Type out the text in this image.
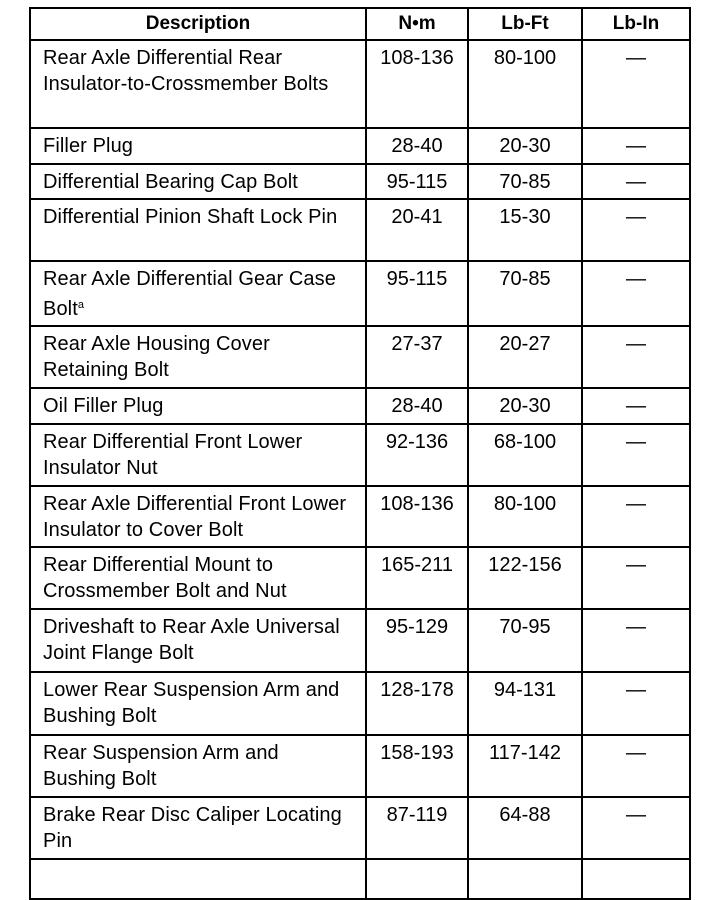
Description	N•m	Lb-Ft	Lb-In
Rear Axle Differential Rear Insulator-to-Crossmember Bolts	108-136	80-100	—
Filler Plug	28-40	20-30	—
Differential Bearing Cap Bolt	95-115	70-85	—
Differential Pinion Shaft Lock Pin	20-41	15-30	—
Rear Axle Differential Gear Case Bolt$^a$	95-115	70-85	—
Rear Axle Housing Cover Retaining Bolt	27-37	20-27	—
Oil Filler Plug	28-40	20-30	—
Rear Differential Front Lower Insulator Nut	92-136	68-100	—
Rear Axle Differential Front Lower Insulator to Cover Bolt	108-136	80-100	—
Rear Differential Mount to Crossmember Bolt and Nut	165-211	122-156	—
Driveshaft to Rear Axle Universal Joint Flange Bolt	95-129	70-95	—
Lower Rear Suspension Arm and Bushing Bolt	128-178	94-131	—
Rear Suspension Arm and Bushing Bolt	158-193	117-142	—
Brake Rear Disc Caliper Locating Pin	87-119	64-88	—
